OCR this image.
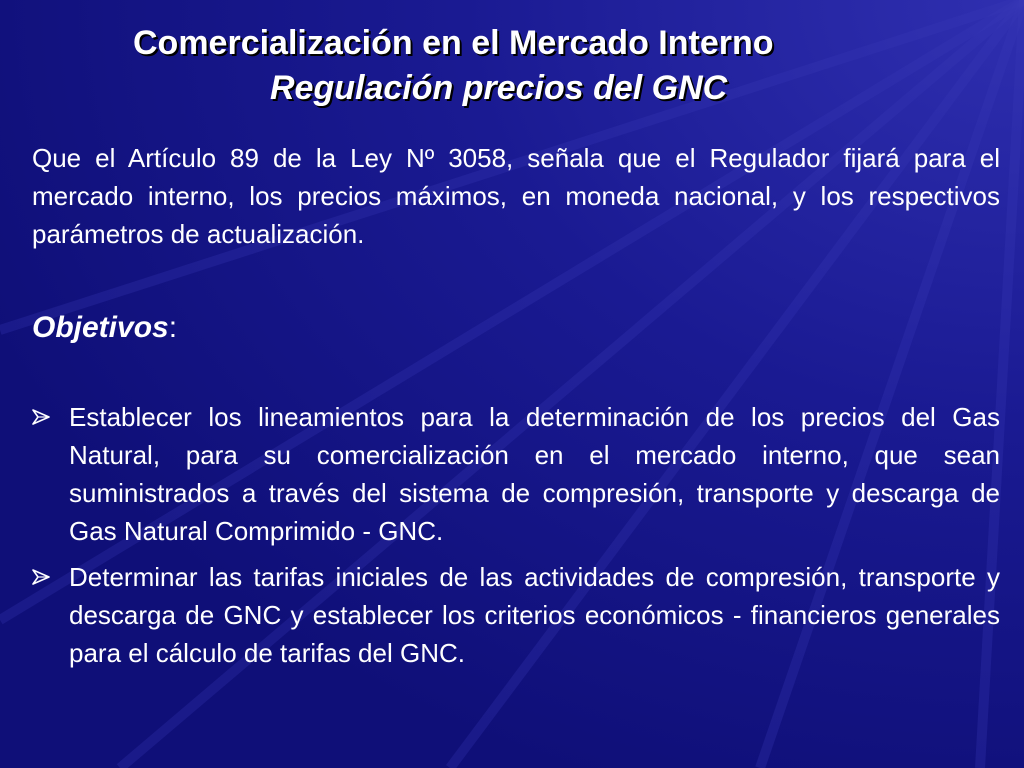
Comercialización en el Mercado Interno
Regulación precios del GNC

Que el Artículo 89 de la Ley Nº 3058, señala que el Regulador fijará para el mercado interno, los precios máximos, en moneda nacional, y los respectivos parámetros de actualización.

Objetivos:
Establecer los lineamientos para la determinación de los precios del Gas Natural, para su comercialización en el mercado interno, que sean suministrados a través del sistema de compresión, transporte y descarga de Gas Natural Comprimido - GNC.
Determinar las tarifas iniciales de las actividades de compresión, transporte y descarga de GNC y establecer los criterios económicos - financieros generales para el cálculo de tarifas del GNC.
